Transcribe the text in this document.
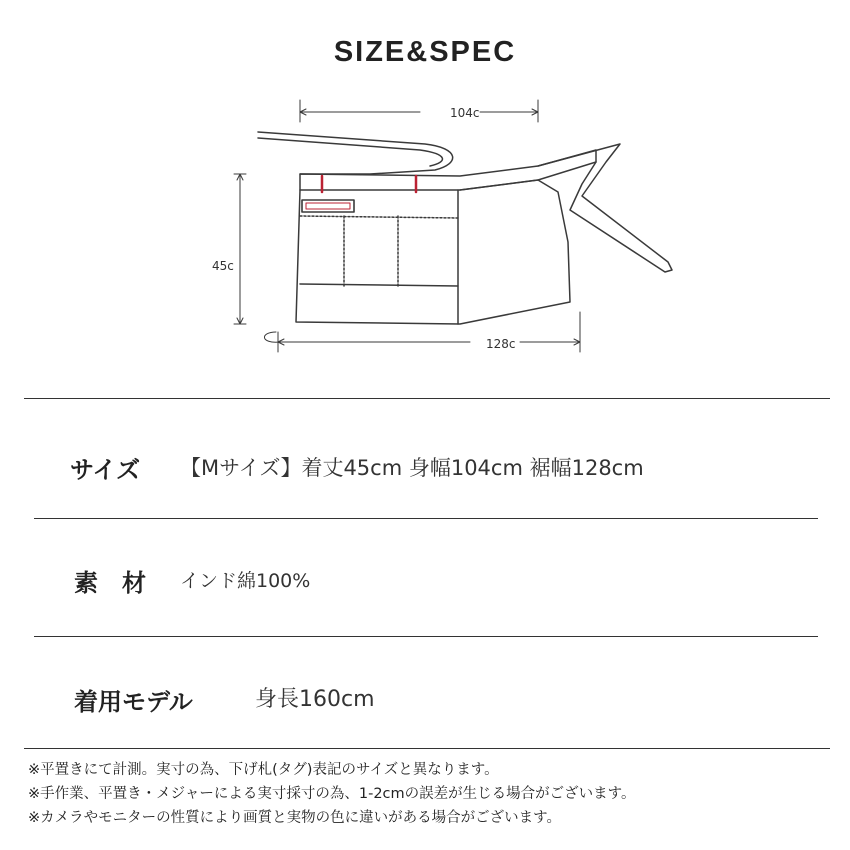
SIZE&SPEC
104c
45c
128c
サイズ 【Mサイズ】着丈45cm 身幅104cm 裾幅128cm
素　材 インド綿100%
着用モデル	身長160cm
※平置きにて計測。実寸の為、下げ札(タグ)表記のサイズと異なります。
※手作業、平置き・メジャーによる実寸採寸の為、1-2cmの誤差が生じる場合がございます。
※カメラやモニターの性質により画質と実物の色に違いがある場合がございます。
